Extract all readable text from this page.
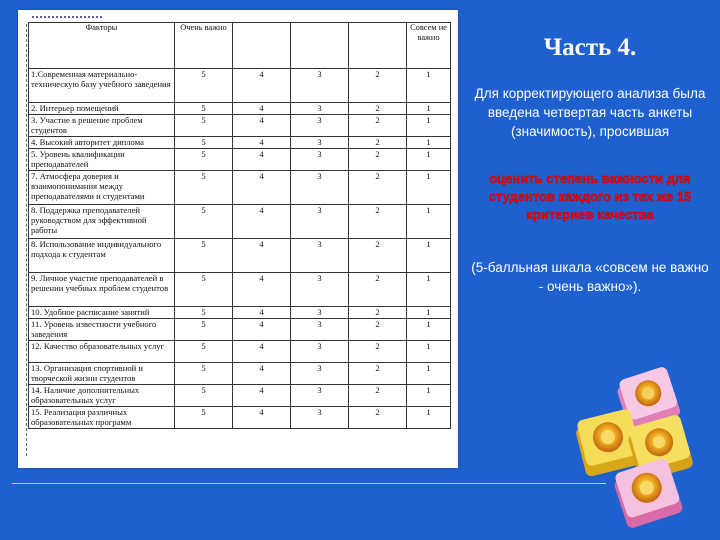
Факторы	Очень важно				Совсем не важно
1.Современная материально-техническую базу учебного заведения	5	4	3	2	1
2. Интерьер помещений	5	4	3	2	1
3. Участие в решение проблем студентов	5	4	3	2	1
4. Высокий авторитет диплома	5	4	3	2	1
5. Уровень квалификации преподавателей	5	4	3	2	1
7. Атмосфера доверия и взаимопонимания между преподавателями и студентами	5	4	3	2	1
8. Поддержка преподавателей руководством для эффективной работы	5	4	3	2	1
8. Использование индивидуального подхода к студентам	5	4	3	2	1
9. Личное участие преподавателей в решении учебных проблем студентов	5	4	3	2	1
10. Удобное расписание занятий	5	4	3	2	1
11. Уровень известности учебного заведения	5	4	3	2	1
12. Качество образовательных услуг	5	4	3	2	1
13. Организация спортивной и творческой жизни студентов	5	4	3	2	1
14. Наличие дополнительных образовательных услуг	5	4	3	2	1
15. Реализация различных образовательных программ	5	4	3	2	1
Часть 4.
Для корректирующего анализа была введена четвертая часть анкеты (значимость), просившая
оценить степень важности для студентов каждого из тех же 15 критериев качества
(5-балльная шкала «совсем не важно - очень важно»).
